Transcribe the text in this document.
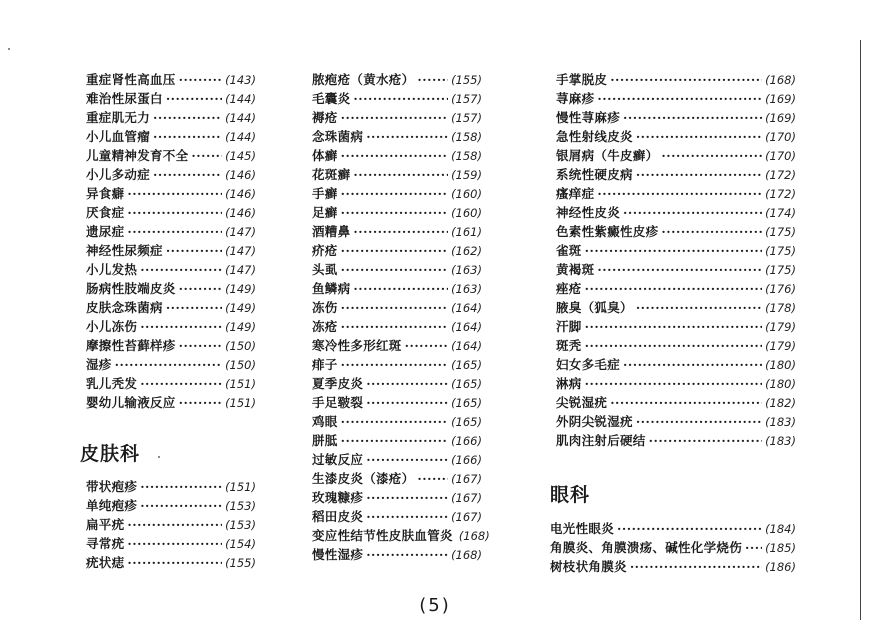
重症肾性高血压 ·····	(143)
难治性尿蛋白 ·····	(144)
重症肌无力 ·····	(144)
小儿血管瘤 ·····	(144)
儿童精神发育不全 ·····	(145)
小儿多动症 ·····	(146)
异食癖 ·····	(146)
厌食症 ·····	(146)
遗尿症 ·····	(147)
神经性尿频症 ·····	(147)
小儿发热 ·····	(147)
肠病性肢端皮炎 ·····	(149)
皮肤念珠菌病 ·····	(149)
小儿冻伤 ·····	(149)
摩擦性苔藓样疹 ·····	(150)
湿疹 ·····	(150)
乳儿秃发 ·····	(151)
婴幼儿输液反应 ·····	(151)
皮肤科
带状疱疹 ·····	(151)
单纯疱疹 ·····	(153)
扁平疣 ·····	(153)
寻常疣 ·····	(154)
疣状痣 ·····	(155)
脓疱疮（黄水疮） ·····	(155)
毛囊炎 ·····	(157)
褥疮 ·····	(157)
念珠菌病 ·····	(158)
体癣 ·····	(158)
花斑癣 ·····	(159)
手癣 ·····	(160)
足癣 ·····	(160)
酒糟鼻 ·····	(161)
疥疮 ·····	(162)
头虱 ·····	(163)
鱼鳞病 ·····	(163)
冻伤 ·····	(164)
冻疮 ·····	(164)
寒冷性多形红斑 ·····	(164)
痱子 ·····	(165)
夏季皮炎 ·····	(165)
手足皲裂 ·····	(165)
鸡眼 ·····	(165)
胼胝 ·····	(166)
过敏反应 ·····	(166)
生漆皮炎（漆疮） ·····	(167)
玫瑰糠疹 ·····	(167)
稻田皮炎 ·····	(167)
变应性结节性皮肤血管炎 (168)
慢性湿疹 ·····	(168)
手掌脱皮 ·····	(168)
荨麻疹 ·····	(169)
慢性荨麻疹 ·····	(169)
急性射线皮炎 ·····	(170)
银屑病（牛皮癣） ·····	(170)
系统性硬皮病 ·····	(172)
瘙痒症 ·····	(172)
神经性皮炎 ·····	(174)
色素性紫癜性皮疹 ·····	(175)
雀斑 ·····	(175)
黄褐斑 ·····	(175)
痤疮 ·····	(176)
腋臭（狐臭） ·····	(178)
汗脚 ·····	(179)
斑秃 ·····	(179)
妇女多毛症 ·····	(180)
淋病 ·····	(180)
尖锐湿疣 ·····	(182)
外阴尖锐湿疣 ·····	(183)
肌肉注射后硬结 ·····	(183)
眼科
电光性眼炎 ·····	(184)
角膜炎、角膜溃疡、碱性化学烧伤 ····· (185)
树枝状角膜炎 ·····	(186)
(5)
